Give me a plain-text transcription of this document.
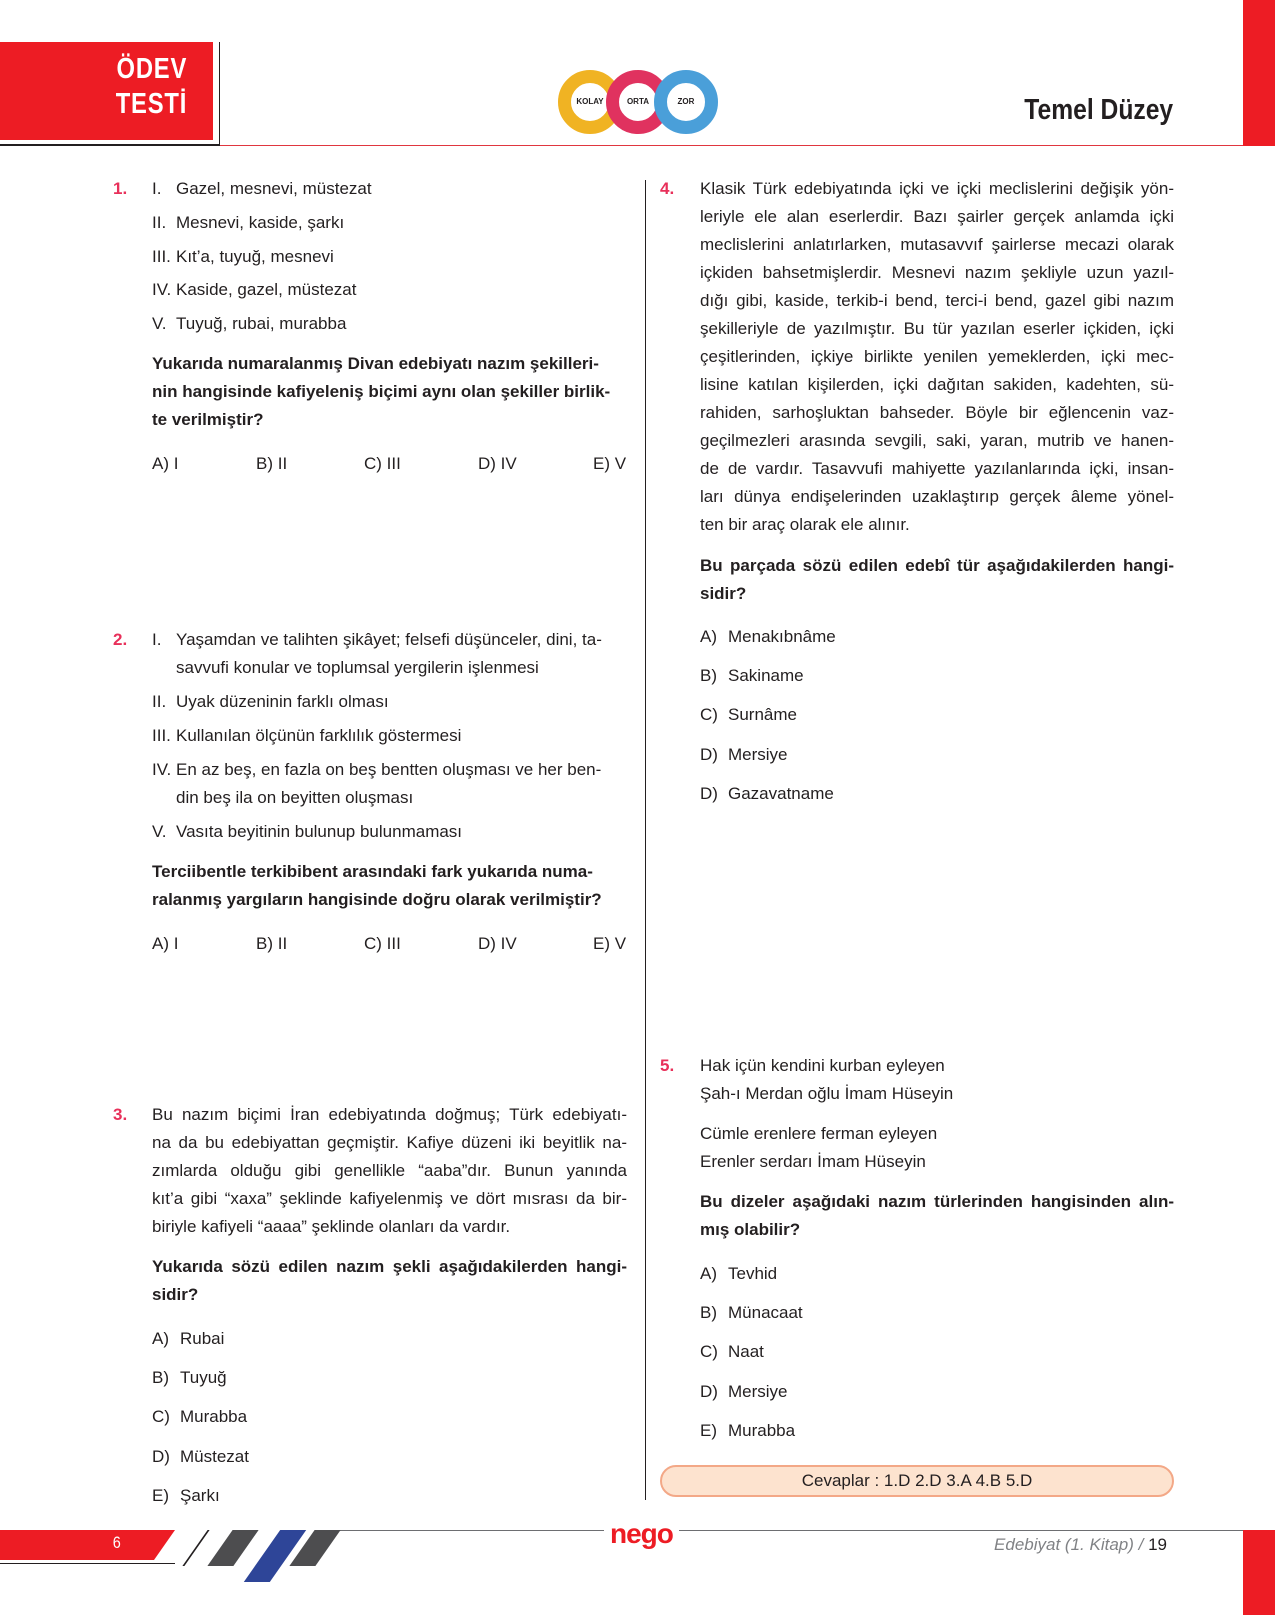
ÖDEV
TESTİ	KOLAY	ORTA	ZOR	Temel Düzey
1. I. Gazel, mesnevi, müstezat
II. Mesnevi, kaside, şarkı
III. Kıt’a, tuyuğ, mesnevi
IV. Kaside, gazel, müstezat
V. Tuyuğ, rubai, murabba
Yukarıda numaralanmış Divan edebiyatı nazım şekilleri-
nin hangisinde kafiyeleniş biçimi aynı olan şekiller birlik-
te verilmiştir?
A) I	B) II	C) III	D) IV	E) V
2. I. Yaşamdan ve talihten şikâyet; felsefi düşünceler, dini, ta-
savvufi konular ve toplumsal yergilerin işlenmesi
II. Uyak düzeninin farklı olması
III. Kullanılan ölçünün farklılık göstermesi
IV. En az beş, en fazla on beş bentten oluşması ve her ben-
din beş ila on beyitten oluşması
V. Vasıta beyitinin bulunup bulunmaması
Terciibentle terkibibent arasındaki fark yukarıda numa-
ralanmış yargıların hangisinde doğru olarak verilmiştir?
A) I	B) II	C) III	D) IV	E) V
3. Bu nazım biçimi İran edebiyatında doğmuş; Türk edebiyatı-
na da bu edebiyattan geçmiştir. Kafiye düzeni iki beyitlik na-
zımlarda olduğu gibi genellikle “aaba”dır. Bunun yanında
kıt’a gibi “xaxa” şeklinde kafiyelenmiş ve dört mısrası da bir-
biriyle kafiyeli “aaaa” şeklinde olanları da vardır.
Yukarıda sözü edilen nazım şekli aşağıdakilerden hangi-
sidir?
A) Rubai
B) Tuyuğ
C) Murabba
D) Müstezat
E) Şarkı
4. Klasik Türk edebiyatında içki ve içki meclislerini değişik yön-
leriyle ele alan eserlerdir. Bazı şairler gerçek anlamda içki
meclislerini anlatırlarken, mutasavvıf şairlerse mecazi olarak
içkiden bahsetmişlerdir. Mesnevi nazım şekliyle uzun yazıl-
dığı gibi, kaside, terkib-i bend, terci-i bend, gazel gibi nazım
şekilleriyle de yazılmıştır. Bu tür yazılan eserler içkiden, içki
çeşitlerinden, içkiye birlikte yenilen yemeklerden, içki mec-
lisine katılan kişilerden, içki dağıtan sakiden, kadehten, sü-
rahiden, sarhoşluktan bahseder. Böyle bir eğlencenin vaz-
geçilmezleri arasında sevgili, saki, yaran, mutrib ve hanen-
de de vardır. Tasavvufi mahiyette yazılanlarında içki, insan-
ları dünya endişelerinden uzaklaştırıp gerçek âleme yönel-
ten bir araç olarak ele alınır.
Bu parçada sözü edilen edebî tür aşağıdakilerden hangi-
sidir?
A) Menakıbnâme
B) Sakiname
C) Surnâme
D) Mersiye
D) Gazavatname
5. Hak içün kendini kurban eyleyen
Şah-ı Merdan oğlu İmam Hüseyin
Cümle erenlere ferman eyleyen
Erenler serdarı İmam Hüseyin
Bu dizeler aşağıdaki nazım türlerinden hangisinden alın-
mış olabilir?
A) Tevhid
B) Münacaat
C) Naat
D) Mersiye
E) Murabba
Cevaplar : 1.D 2.D 3.A 4.B 5.D
6	nego	Edebiyat (1. Kitap) / 19
